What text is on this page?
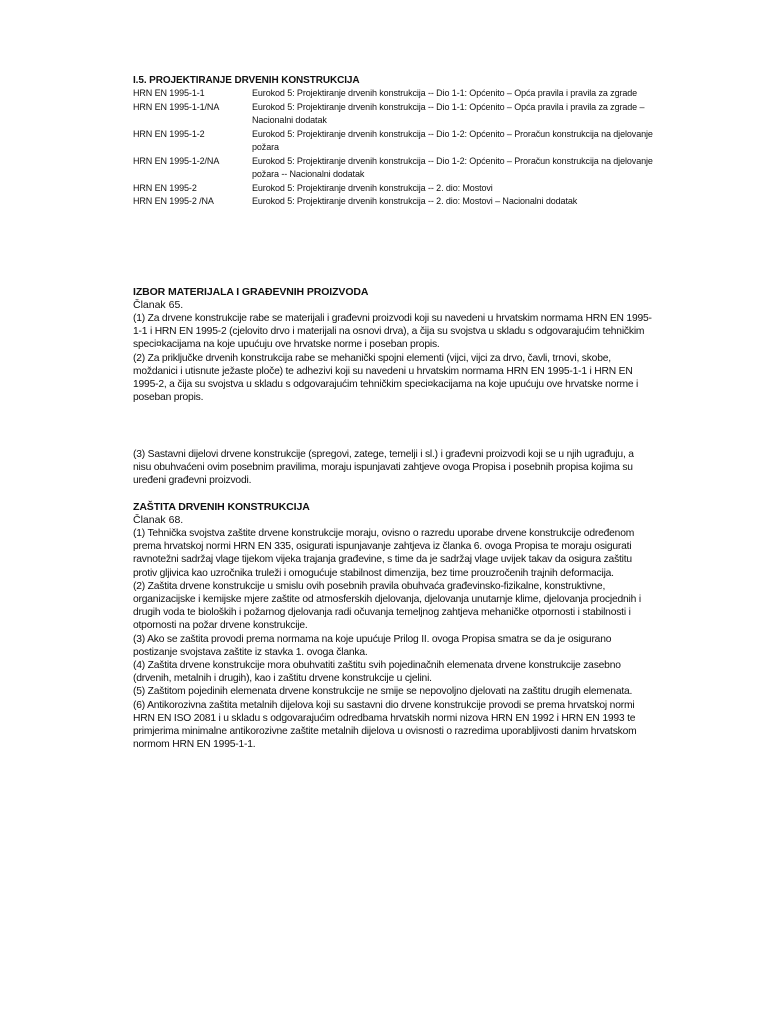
I.5. PROJEKTIRANJE DRVENIH KONSTRUKCIJA
HRN EN 1995-1-1	Eurokod 5: Projektiranje drvenih konstrukcija -- Dio 1-1: Općenito – Opća pravila i pravila za zgrade
HRN EN 1995-1-1/NA	Eurokod 5: Projektiranje drvenih konstrukcija -- Dio 1-1: Općenito – Opća pravila i pravila za zgrade – Nacionalni dodatak
HRN EN 1995-1-2	Eurokod 5: Projektiranje drvenih konstrukcija -- Dio 1-2: Općenito – Proračun konstrukcija na djelovanje požara
HRN EN 1995-1-2/NA	Eurokod 5: Projektiranje drvenih konstrukcija -- Dio 1-2: Općenito – Proračun konstrukcija na djelovanje požara -- Nacionalni dodatak
HRN EN 1995-2	Eurokod 5: Projektiranje drvenih konstrukcija -- 2. dio: Mostovi
HRN EN 1995-2 /NA	Eurokod 5: Projektiranje drvenih konstrukcija -- 2. dio: Mostovi – Nacionalni dodatak
IZBOR MATERIJALA I GRAĐEVNIH PROIZVODA
Članak 65.

(1) Za drvene konstrukcije rabe se materijali i građevni proizvodi koji su navedeni u hrvatskim normama HRN EN 1995-1-1 i HRN EN 1995-2 (cjelovito drvo i materijali na osnovi drva), a čija su svojstva u skladu s odgovarajućim tehničkim speci¤kacijama na koje upućuju ove hrvatske norme i poseban propis.

(2) Za priključke drvenih konstrukcija rabe se mehanički spojni elementi (vijci, vijci za drvo, čavli, trnovi, skobe, moždanici i utisnute ježaste ploče) te adhezivi koji su navedeni u hrvatskim normama HRN EN 1995-1-1 i HRN EN 1995-2, a čija su svojstva u skladu s odgovarajućim tehničkim speci¤kacijama na koje upućuju ove hrvatske norme i poseban propis.

(3) Sastavni dijelovi drvene konstrukcije (spregovi, zatege, temelji i sl.) i građevni proizvodi koji se u njih ugrađuju, a nisu obuhvaćeni ovim posebnim pravilima, moraju ispunjavati zahtjeve ovoga Propisa i posebnih propisa kojima su uređeni građevni proizvodi.

ZAŠTITA DRVENIH KONSTRUKCIJA
Članak 68.

(1) Tehnička svojstva zaštite drvene konstrukcije moraju, ovisno o razredu uporabe drvene konstrukcije određenom prema hrvatskoj normi HRN EN 335, osigurati ispunjavanje zahtjeva iz članka 6. ovoga Propisa te moraju osigurati ravnotežni sadržaj vlage tijekom vijeka trajanja građevine, s time da je sadržaj vlage uvijek takav da osigura zaštitu protiv gljivica kao uzročnika truleži i omogućuje stabilnost dimenzija, bez time prouzročenih trajnih deformacija.

(2) Zaštita drvene konstrukcije u smislu ovih posebnih pravila obuhvaća građevinsko-fizikalne, konstruktivne, organizacijske i kemijske mjere zaštite od atmosferskih djelovanja, djelovanja unutarnje klime, djelovanja procjednih i drugih voda te bioloških i požarnog djelovanja radi očuvanja temeljnog zahtjeva mehaničke otpornosti i stabilnosti i otpornosti na požar drvene konstrukcije.

(3) Ako se zaštita provodi prema normama na koje upućuje Prilog II. ovoga Propisa smatra se da je osigurano postizanje svojstava zaštite iz stavka 1. ovoga članka.

(4) Zaštita drvene konstrukcije mora obuhvatiti zaštitu svih pojedinačnih elemenata drvene konstrukcije zasebno (drvenih, metalnih i drugih), kao i zaštitu drvene konstrukcije u cjelini.

(5) Zaštitom pojedinih elemenata drvene konstrukcije ne smije se nepovoljno djelovati na zaštitu drugih elemenata.

(6) Antikorozivna zaštita metalnih dijelova koji su sastavni dio drvene konstrukcije provodi se prema hrvatskoj normi HRN EN ISO 2081 i u skladu s odgovarajućim odredbama hrvatskih normi nizova HRN EN 1992 i HRN EN 1993 te primjerima minimalne antikorozivne zaštite metalnih dijelova u ovisnosti o razredima uporabljivosti danim hrvatskom normom HRN EN 1995-1-1.
